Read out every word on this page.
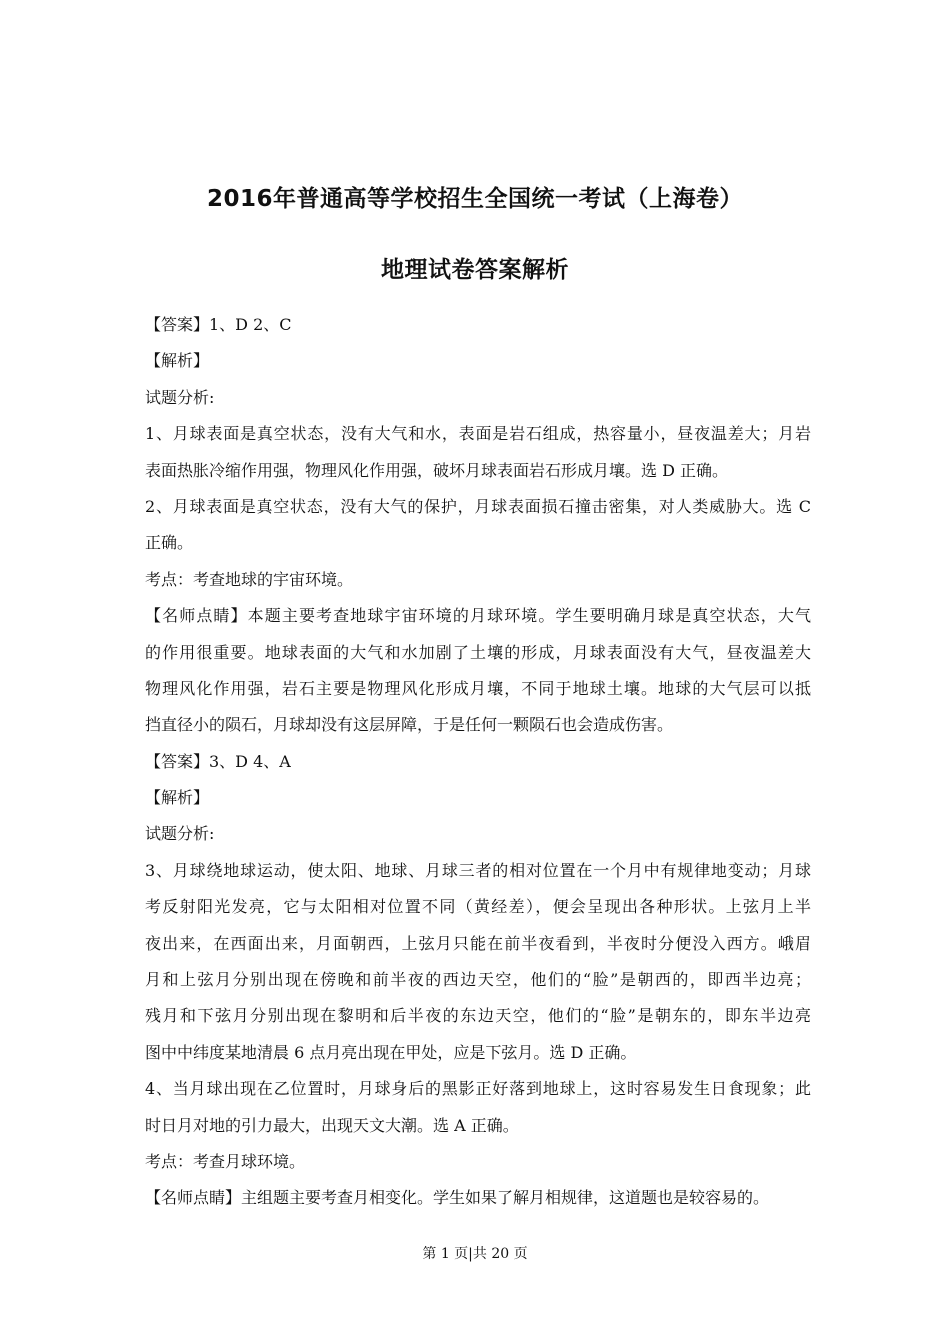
2016年普通高等学校招生全国统一考试（上海卷）
地理试卷答案解析
【答案】1、D 2、C
【解析】
试题分析:
1、月球表面是真空状态，没有大气和水，表面是岩石组成，热容量小，昼夜温差大；月岩
表面热胀冷缩作用强，物理风化作用强，破坏月球表面岩石形成月壤。选 D 正确。
2、月球表面是真空状态，没有大气的保护，月球表面损石撞击密集，对人类威胁大。选 C
正确。
考点：考查地球的宇宙环境。
【名师点睛】本题主要考查地球宇宙环境的月球环境。学生要明确月球是真空状态，大气
的作用很重要。地球表面的大气和水加剧了土壤的形成，月球表面没有大气，昼夜温差大
物理风化作用强，岩石主要是物理风化形成月壤，不同于地球土壤。地球的大气层可以抵
挡直径小的陨石，月球却没有这层屏障，于是任何一颗陨石也会造成伤害。
【答案】3、D 4、A
【解析】
试题分析:
3、月球绕地球运动，使太阳、地球、月球三者的相对位置在一个月中有规律地变动；月球
考反射阳光发亮，它与太阳相对位置不同（黄经差），便会呈现出各种形状。上弦月上半
夜出来，在西面出来，月面朝西，上弦月只能在前半夜看到，半夜时分便没入西方。峨眉
月和上弦月分别出现在傍晚和前半夜的西边天空，他们的“脸”是朝西的，即西半边亮；
残月和下弦月分别出现在黎明和后半夜的东边天空，他们的“脸”是朝东的，即东半边亮
图中中纬度某地清晨 6 点月亮出现在甲处，应是下弦月。选 D 正确。
4、当月球出现在乙位置时，月球身后的黑影正好落到地球上，这时容易发生日食现象；此
时日月对地的引力最大，出现天文大潮。选 A 正确。
考点：考查月球环境。
【名师点睛】主组题主要考查月相变化。学生如果了解月相规律，这道题也是较容易的。
第 1 页|共 20 页
